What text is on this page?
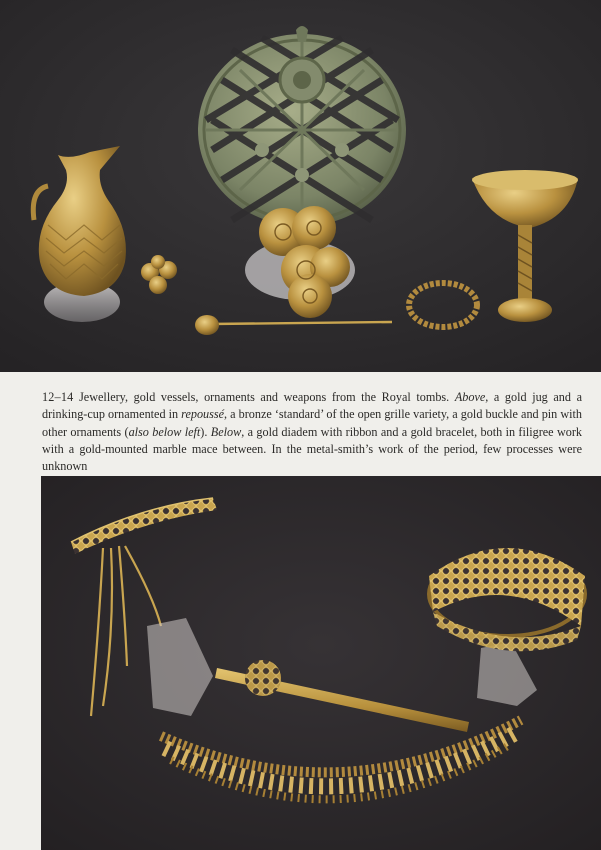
12–14 Jewellery, gold vessels, ornaments and weapons from the Royal tombs. Above, a gold jug and a drinking-cup ornamented in repoussé, a bronze ‘standard’ of the open grille variety, a gold buckle and pin with other ornaments (also below left). Below, a gold diadem with ribbon and a gold bracelet, both in filigree work with a gold-mounted marble mace between. In the metal-smith’s work of the period, few processes were unknown
